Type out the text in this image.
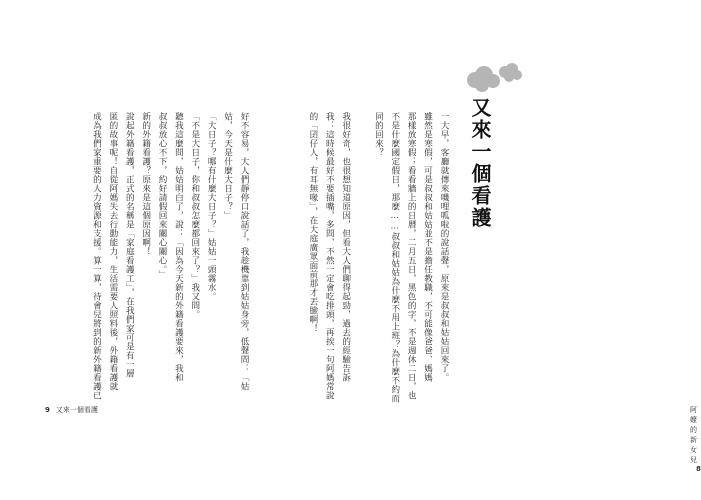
一大早，客廳就傳來嘰哩呱啦的說話聲，原來是叔叔和姑姑回來了。
雖然是寒假，可是叔叔和姑姑並不是擔任教職，不可能像爸爸、媽媽
那樣放寒假；看看牆上的日曆，二月五日，黑色的字，不是週休二日，也
不是什麼國定假日，那麼……叔叔和姑姑為什麼不用上班？為什麼不約而
同的回來？
我很好奇，也很想知道原因，但看大人們聊得起勁，過去的經驗告訴
我：這時候最好不要插嘴，多問，不然一定會吃排頭，再挨一句阿媽常說
的「囝仔人，有耳無喙」，在大庭廣眾面前那才丟臉啊！
阿嬤的新女兒8
又來一個看護
好不容易，大人們靜停口說話了，我趁機靠到姑姑身旁，低聲問：「姑
姑，今天是什麼大日子？」
「大日子？哪有什麼大日子？」姑姑一頭霧水。
「不是大日子，你和叔叔怎麼都回來了？」我又問。
聽我這麼問，姑姑明白了，說：「因為今天新的外籍看護要來，我和
叔叔放心不下，約好請假回來關心關心。」
新的外籍看護？原來是這個原因啊！
說起外籍看護，正式的名稱是「家庭看護工」，在我們家可是有一層
匿的故事呢！自從阿媽失去行動能力，生活需要人照料後，外籍看護就
成為我們家重要的人力資源和支援。算一算，待會兒將到的新外籍看護已
9 又來一個看護
